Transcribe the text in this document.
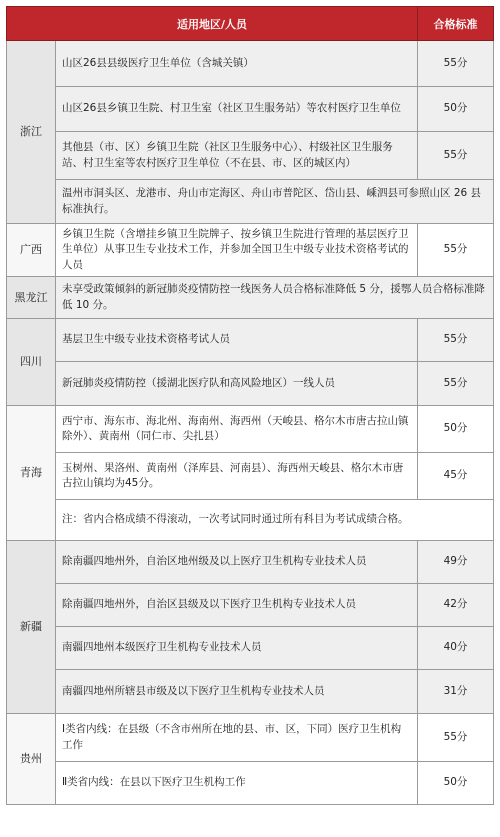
适用地区/人员		合格标准
浙江	山区26县县级医疗卫生单位（含城关镇）	55分
	山区26县乡镇卫生院、村卫生室（社区卫生服务站）等农村医疗卫生单位	50分
	其他县（市、区）乡镇卫生院（社区卫生服务中心）、村级社区卫生服务站、村卫生室等农村医疗卫生单位（不在县、市、区的城区内）	55分
	温州市洞头区、龙港市、舟山市定海区、舟山市普陀区、岱山县、嵊泗县可参照山区 26 县标准执行。	
广西	乡镇卫生院（含增挂乡镇卫生院牌子、按乡镇卫生院进行管理的基层医疗卫生单位）从事卫生专业技术工作，并参加全国卫生中级专业技术资格考试的人员	55分
黑龙江	未享受政策倾斜的新冠肺炎疫情防控一线医务人员合格标准降低 5 分，援鄂人员合格标准降低 10 分。	
四川	基层卫生中级专业技术资格考试人员	55分
	新冠肺炎疫情防控（援湖北医疗队和高风险地区）一线人员	55分
青海	西宁市、海东市、海北州、海南州、海西州（天峻县、格尔木市唐古拉山镇除外）、黄南州（同仁市、尖扎县）	50分
	玉树州、果洛州、黄南州（泽库县、河南县）、海西州天峻县、格尔木市唐古拉山镇均为45分。	45分
	注：省内合格成绩不得滚动，一次考试同时通过所有科目为考试成绩合格。	
新疆	除南疆四地州外，自治区地州级及以上医疗卫生机构专业技术人员	49分
	除南疆四地州外，自治区县级及以下医疗卫生机构专业技术人员	42分
	南疆四地州本级医疗卫生机构专业技术人员	40分
	南疆四地州所辖县市级及以下医疗卫生机构专业技术人员	31分
贵州	Ⅰ类省内线：在县级（不含市州所在地的县、市、区，下同）医疗卫生机构工作	55分
	Ⅱ类省内线：在县以下医疗卫生机构工作	50分
